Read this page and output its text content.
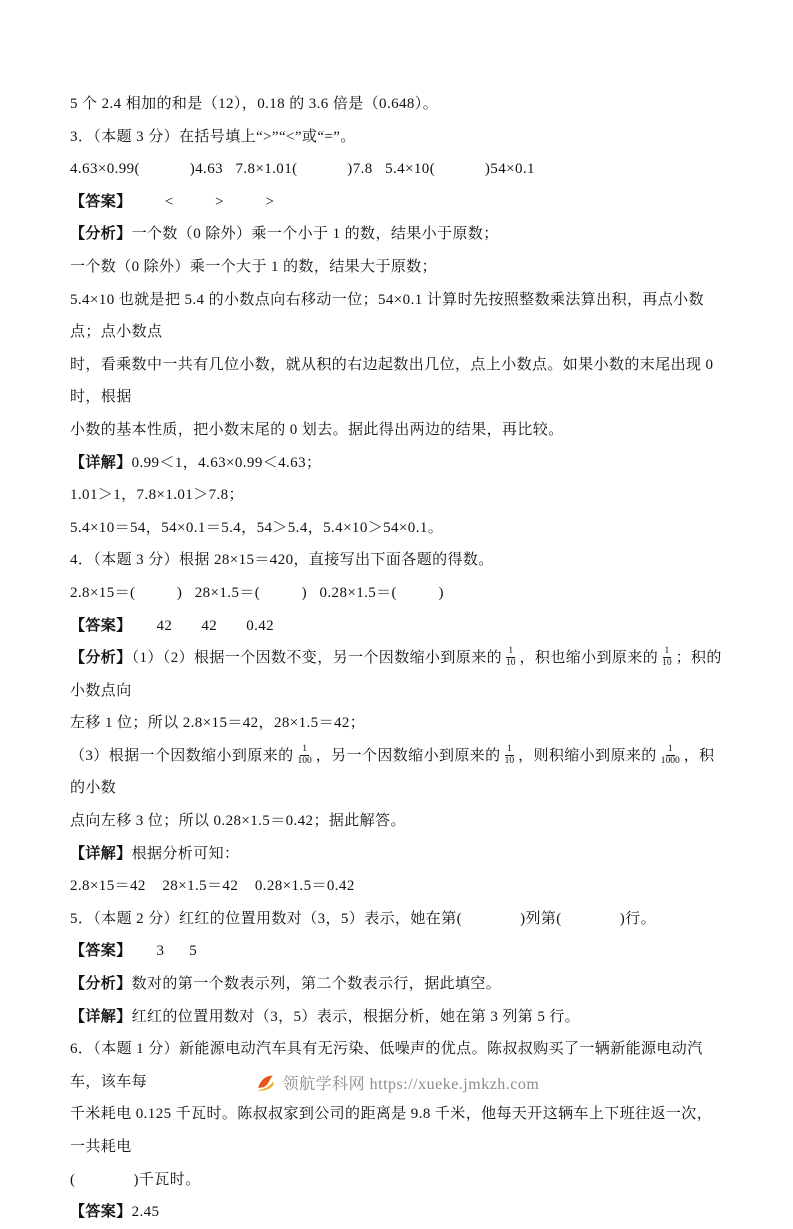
5 个 2.4 相加的和是（12），0.18 的 3.6 倍是（0.648）。
3．（本题 3 分）在括号填上“>”“<”或“=”。
4.63×0.99(            )4.63   7.8×1.01(            )7.8   5.4×10(            )54×0.1
【答案】        <          >          >
【分析】一个数（0 除外）乘一个小于 1 的数，结果小于原数；
一个数（0 除外）乘一个大于 1 的数，结果大于原数；
5.4×10 也就是把 5.4 的小数点向右移动一位；54×0.1 计算时先按照整数乘法算出积，再点小数点；点小数点
时，看乘数中一共有几位小数，就从积的右边起数出几位，点上小数点。如果小数的末尾出现 0 时，根据
小数的基本性质，把小数末尾的 0 划去。据此得出两边的结果，再比较。
【详解】0.99＜1，4.63×0.99＜4.63；
1.01＞1，7.8×1.01＞7.8；
5.4×10＝54，54×0.1＝5.4，54＞5.4，5.4×10＞54×0.1。
4．（本题 3 分）根据 28×15＝420，直接写出下面各题的得数。
2.8×15＝(          )   28×1.5＝(          )   0.28×1.5＝(          )
【答案】      42       42       0.42
【分析】（1）（2）根据一个因数不变，另一个因数缩小到原来的 $\frac{1}{10}$ ，积也缩小到原来的 $\frac{1}{10}$ ；积的小数点向
左移 1 位；所以 2.8×15＝42，28×1.5＝42；
（3）根据一个因数缩小到原来的 $\frac{1}{100}$ ，另一个因数缩小到原来的 $\frac{1}{10}$ ，则积缩小到原来的 $\frac{1}{1000}$ ，积的小数
点向左移 3 位；所以 0.28×1.5＝0.42；据此解答。
【详解】根据分析可知：
2.8×15＝42    28×1.5＝42    0.28×1.5＝0.42
5．（本题 2 分）红红的位置用数对（3，5）表示，她在第(              )列第(              )行。
【答案】      3      5
【分析】数对的第一个数表示列，第二个数表示行，据此填空。
【详解】红红的位置用数对（3，5）表示，根据分析，她在第 3 列第 5 行。
6．（本题 1 分）新能源电动汽车具有无污染、低噪声的优点。陈叔叔购买了一辆新能源电动汽车，该车每
千米耗电 0.125 千瓦时。陈叔叔家到公司的距离是 9.8 千米，他每天开这辆车上下班往返一次，一共耗电
(              )千瓦时。
【答案】2.45
领航学科网 https://xueke.jmkzh.com
